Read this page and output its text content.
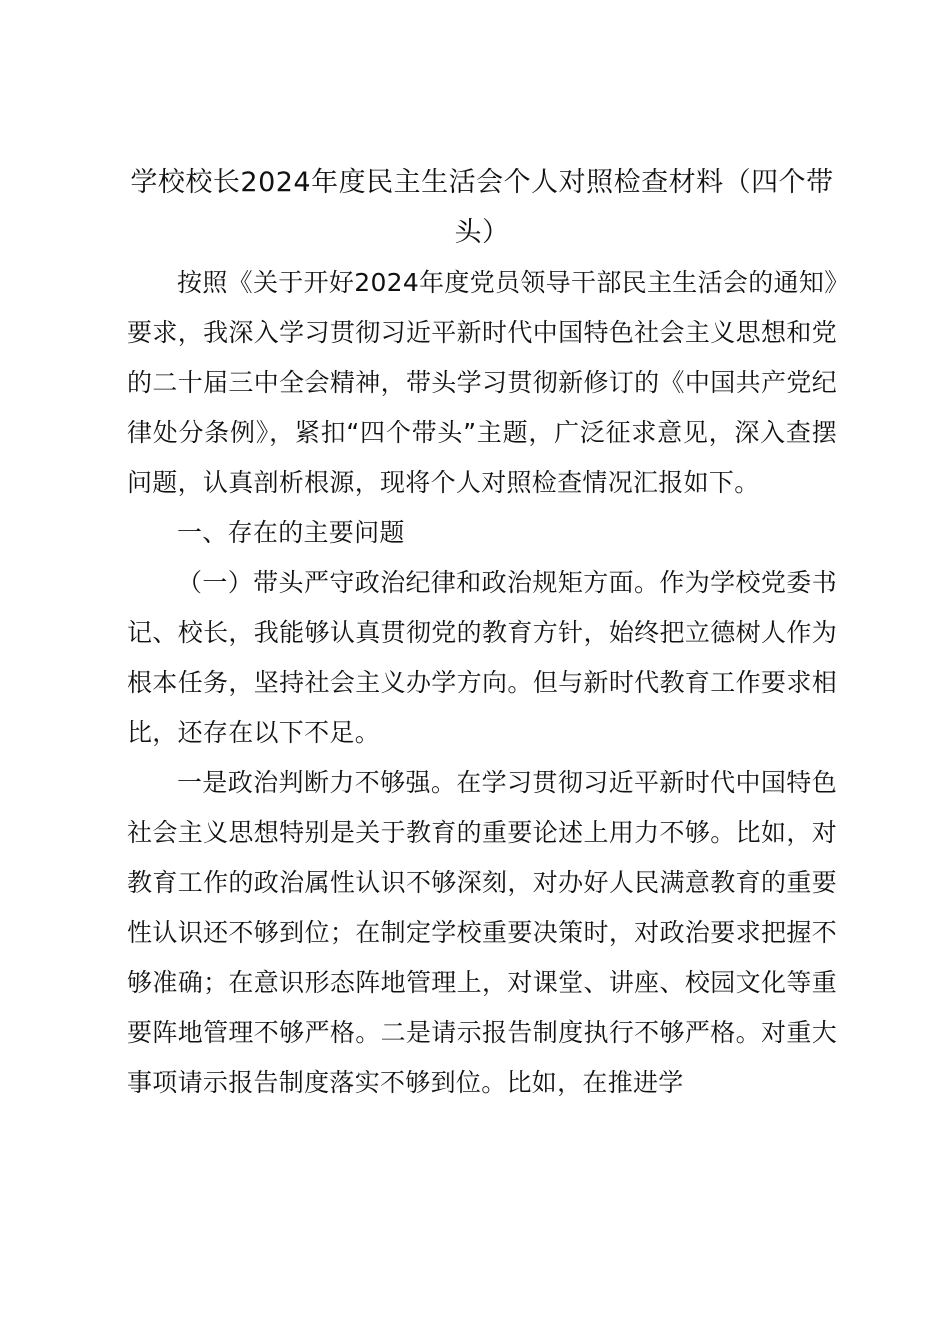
学校校长2024年度民主生活会个人对照检查材料（四个带头）

按照《关于开好2024年度党员领导干部民主生活会的通知》要求，我深入学习贯彻习近平新时代中国特色社会主义思想和党的二十届三中全会精神，带头学习贯彻新修订的《中国共产党纪律处分条例》，紧扣“四个带头”主题，广泛征求意见，深入查摆问题，认真剖析根源，现将个人对照检查情况汇报如下。

一、存在的主要问题

（一）带头严守政治纪律和政治规矩方面。作为学校党委书记、校长，我能够认真贯彻党的教育方针，始终把立德树人作为根本任务，坚持社会主义办学方向。但与新时代教育工作要求相比，还存在以下不足。

一是政治判断力不够强。在学习贯彻习近平新时代中国特色社会主义思想特别是关于教育的重要论述上用力不够。比如，对教育工作的政治属性认识不够深刻，对办好人民满意教育的重要性认识还不够到位；在制定学校重要决策时，对政治要求把握不够准确；在意识形态阵地管理上，对课堂、讲座、校园文化等重要阵地管理不够严格。二是请示报告制度执行不够严格。对重大事项请示报告制度落实不够到位。比如，在推进学
